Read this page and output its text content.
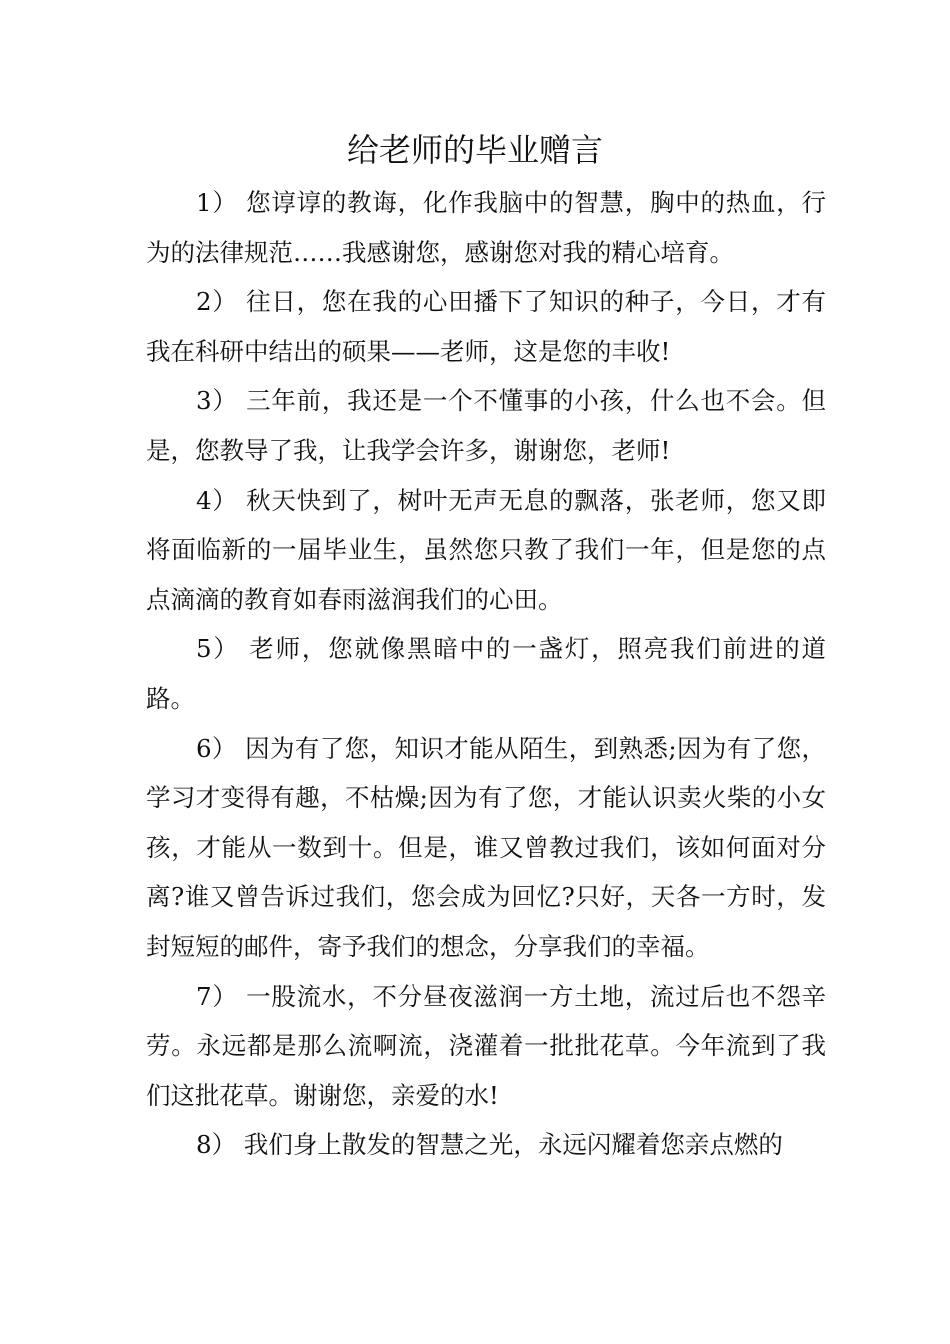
给老师的毕业赠言

1） 您谆谆的教诲，化作我脑中的智慧，胸中的热血，行为的法律规范……我感谢您，感谢您对我的精心培育。

2） 往日，您在我的心田播下了知识的种子，今日，才有我在科研中结出的硕果——老师，这是您的丰收!

3） 三年前，我还是一个不懂事的小孩，什么也不会。但是，您教导了我，让我学会许多，谢谢您，老师!

4） 秋天快到了，树叶无声无息的飘落，张老师，您又即将面临新的一届毕业生，虽然您只教了我们一年，但是您的点点滴滴的教育如春雨滋润我们的心田。

5） 老师，您就像黑暗中的一盏灯，照亮我们前进的道路。

6） 因为有了您，知识才能从陌生，到熟悉;因为有了您，学习才变得有趣，不枯燥;因为有了您，才能认识卖火柴的小女孩，才能从一数到十。但是，谁又曾教过我们，该如何面对分离?谁又曾告诉过我们，您会成为回忆?只好，天各一方时，发封短短的邮件，寄予我们的想念，分享我们的幸福。

7） 一股流水，不分昼夜滋润一方土地，流过后也不怨辛劳。永远都是那么流啊流，浇灌着一批批花草。今年流到了我们这批花草。谢谢您，亲爱的水!

8） 我们身上散发的智慧之光，永远闪耀着您亲点燃的
